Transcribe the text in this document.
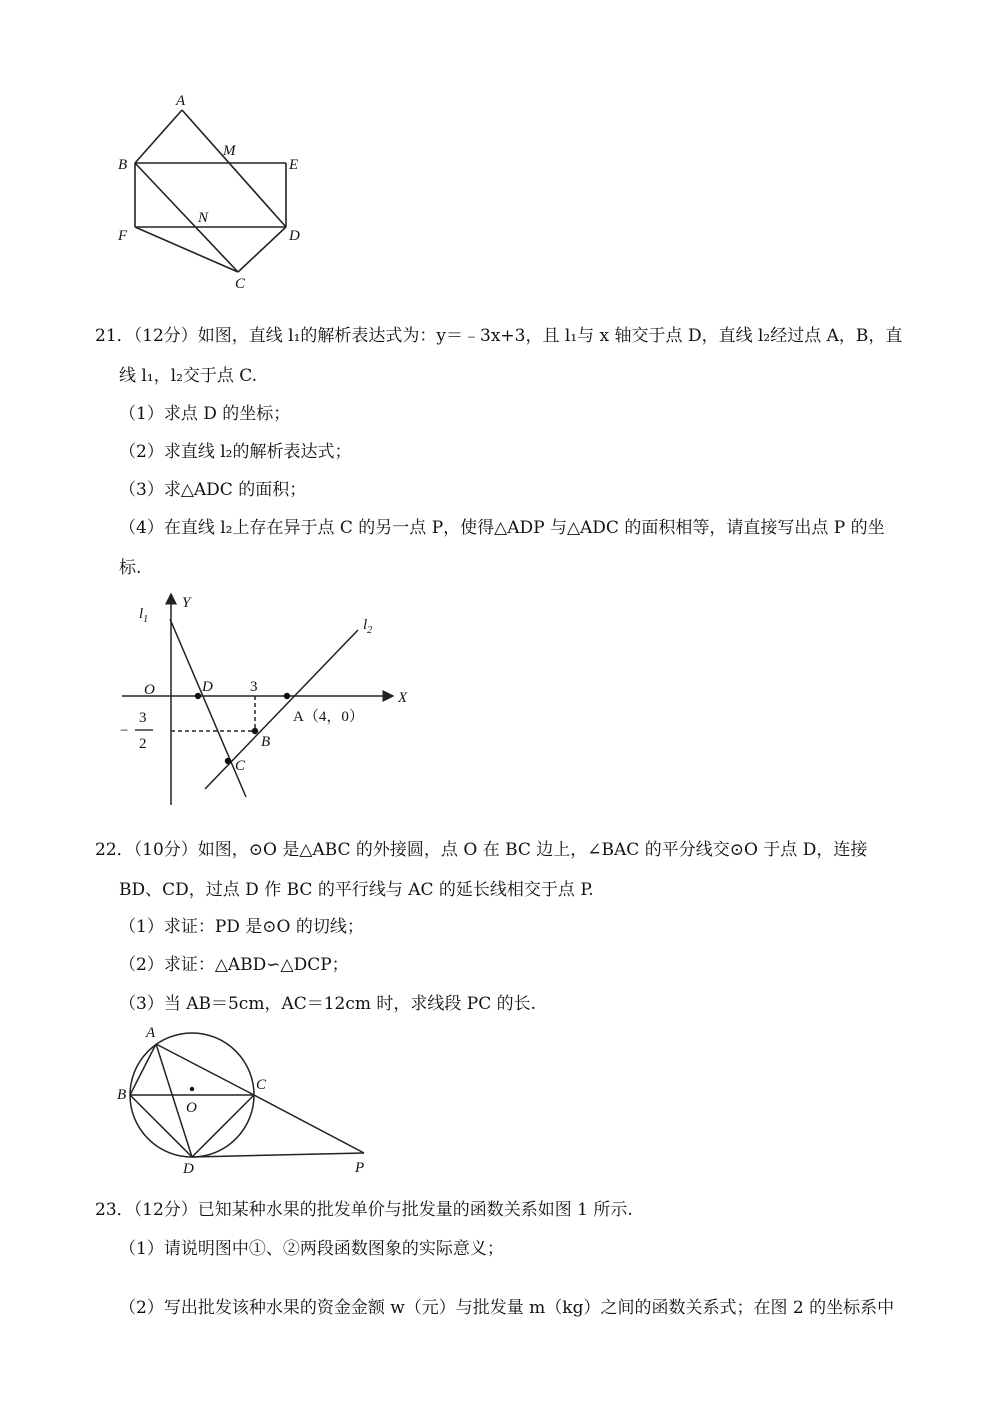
A
M
B	E
N
F	D
C
21．（12分）如图，直线 l₁的解析表达式为：y＝﹣3x+3，且 l₁与 x 轴交于点 D，直线 l₂经过点 A，B，直
线 l₁，l₂交于点 C.
（1）求点 D 的坐标；
（2）求直线 l₂的解析表达式；
（3）求△ADC 的面积；
（4）在直线 l₂上存在异于点 C 的另一点 P，使得△ADP 与△ADC 的面积相等，请直接写出点 P 的坐
标.
Y
X
O
$l_1$	$l_2$
D 3
A（4，0）
B
C
−
3
2
22．（10分）如图，⊙O 是△ABC 的外接圆，点 O 在 BC 边上，∠BAC 的平分线交⊙O 于点 D，连接
BD、CD，过点 D 作 BC 的平行线与 AC 的延长线相交于点 P.
（1）求证：PD 是⊙O 的切线；
（2）求证：△ABD∽△DCP；
（3）当 AB＝5cm，AC＝12cm 时，求线段 PC 的长.
A
B
C
O
D	P
23．（12分）已知某种水果的批发单价与批发量的函数关系如图 1 所示.
（1）请说明图中①、②两段函数图象的实际意义；
（2）写出批发该种水果的资金金额 w（元）与批发量 m（kg）之间的函数关系式；在图 2 的坐标系中
